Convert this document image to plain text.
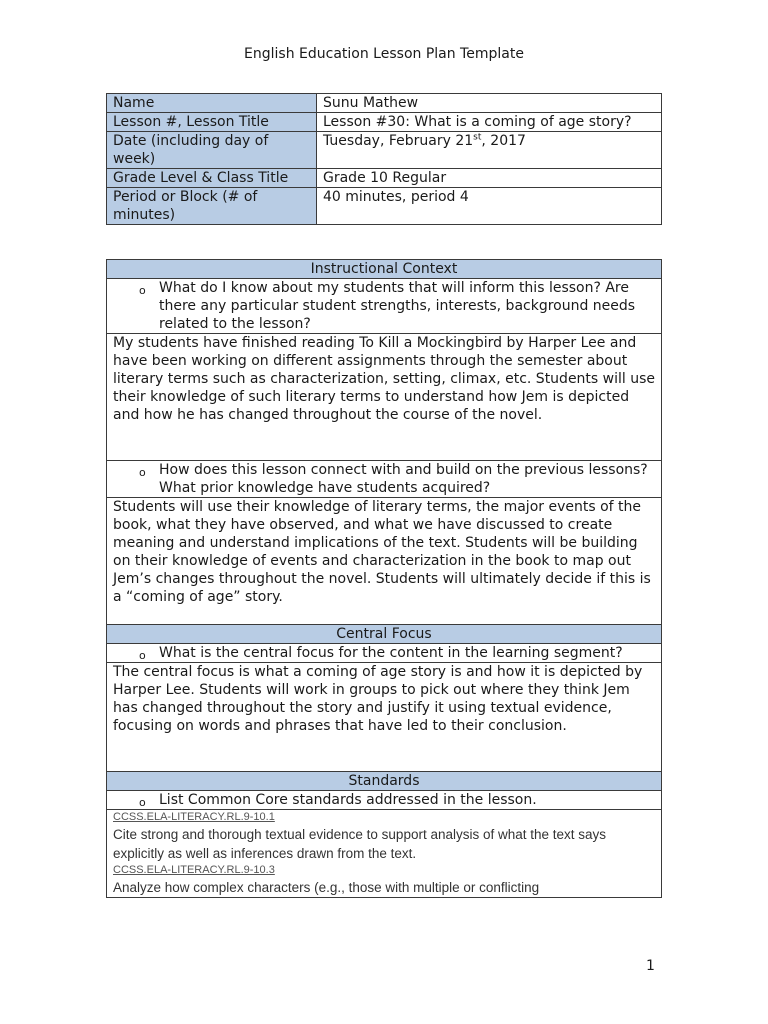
English Education Lesson Plan Template
Name	Sunu Mathew
Lesson #, Lesson Title	Lesson #30: What is a coming of age story?
Date (including day of week)	Tuesday, February 21st, 2017
Grade Level & Class Title	Grade 10 Regular
Period or Block (# of minutes)	40 minutes, period 4
Instructional Context

o What do I know about my students that will inform this lesson? Are there any particular student strengths, interests, background needs related to the lesson?
My students have finished reading To Kill a Mockingbird by Harper Lee and have been working on different assignments through the semester about literary terms such as characterization, setting, climax, etc. Students will use their knowledge of such literary terms to understand how Jem is depicted and how he has changed throughout the course of the novel.

o How does this lesson connect with and build on the previous lessons? What prior knowledge have students acquired?
Students will use their knowledge of literary terms, the major events of the book, what they have observed, and what we have discussed to create meaning and understand implications of the text. Students will be building on their knowledge of events and characterization in the book to map out Jem’s changes throughout the novel. Students will ultimately decide if this is a “coming of age” story.
Central Focus

o What is the central focus for the content in the learning segment?
The central focus is what a coming of age story is and how it is depicted by Harper Lee. Students will work in groups to pick out where they think Jem has changed throughout the story and justify it using textual evidence, focusing on words and phrases that have led to their conclusion.
Standards

o List Common Core standards addressed in the lesson.

CCSS.ELA-LITERACY.RL.9-10.1
Cite strong and thorough textual evidence to support analysis of what the text says explicitly as well as inferences drawn from the text.
CCSS.ELA-LITERACY.RL.9-10.3
Analyze how complex characters (e.g., those with multiple or conflicting
1
